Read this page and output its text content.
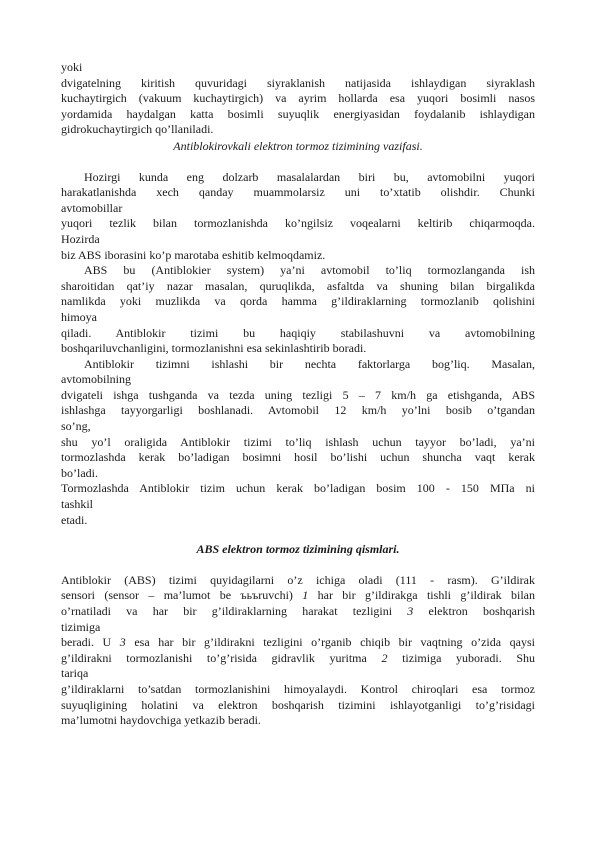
yoki
dvigatelning kiritish quvuridagi siyraklanish natijasida ishlaydigan siyraklash
kuchaytirgich (vakuum kuchaytirgich) va ayrim hollarda esa yuqori bosimli nasos
yordamida haydalgan katta bosimli suyuqlik energiyasidan foydalanib ishlaydigan
gidrokuchaytirgich qo’llaniladi.
Antiblokirovkali elektron tormoz tizimining vazifasi.
Hozirgi kunda eng dolzarb masalalardan biri bu, avtomobilni yuqori
harakatlanishda xech qanday muammolarsiz uni to’xtatib olishdir. Chunki
avtomobillar
yuqori tezlik bilan tormozlanishda ko’ngilsiz voqealarni keltirib chiqarmoqda.
Hozirda
biz ABS iborasini ko’p marotaba eshitib kelmoqdamiz.
ABS bu (Antiblokier system) ya’ni avtomobil to’liq tormozlanganda ish
sharoitidan qat’iy nazar masalan, quruqlikda, asfaltda va shuning bilan birgalikda
namlikda yoki muzlikda va qorda hamma g’ildiraklarning tormozlanib qolishini
himoya
qiladi. Antiblokir tizimi bu haqiqiy stabilashuvni va avtomobilning
boshqariluvchanligini, tormozlanishni esa sekinlashtirib boradi.
Antiblokir tizimni ishlashi bir nechta faktorlarga bog’liq. Masalan,
avtomobilning
dvigateli ishga tushganda va tezda uning tezligi 5 – 7 km/h ga etishganda, ABS
ishlashga tayyorgarligi boshlanadi. Avtomobil 12 km/h yo’lni bosib o’tgandan
so’ng,
shu yo’l oraligida Antiblokir tizimi to’liq ishlash uchun tayyor bo’ladi, ya’ni
tormozlashda kerak bo’ladigan bosimni hosil bo’lishi uchun shuncha vaqt kerak
bo’ladi.
Tormozlashda Antiblokir tizim uchun kerak bo’ladigan bosim 100 - 150 МПа ni
tashkil
etadi.
ABS elektron tormoz tizimining qismlari.
Antiblokir (ABS) tizimi quyidagilarni o’z ichiga oladi (111 - rasm). G’ildirak
sensori (sensor – ma’lumot be ъьъruvchi) 1 har bir g’ildirakga tishli g’ildirak bilan
o’rnatiladi va har bir g’ildiraklarning harakat tezligini 3 elektron boshqarish
tizimiga
beradi. U 3 esa har bir g’ildirakni tezligini o’rganib chiqib bir vaqtning o’zida qaysi
g’ildirakni tormozlanishi to’g’risida gidravlik yuritma 2 tizimiga yuboradi. Shu
tariqa
g’ildiraklarni to’satdan tormozlanishini himoyalaydi. Kontrol chiroqlari esa tormoz
suyuqligining holatini va elektron boshqarish tizimini ishlayotganligi to’g’risidagi
ma’lumotni haydovchiga yetkazib beradi.
